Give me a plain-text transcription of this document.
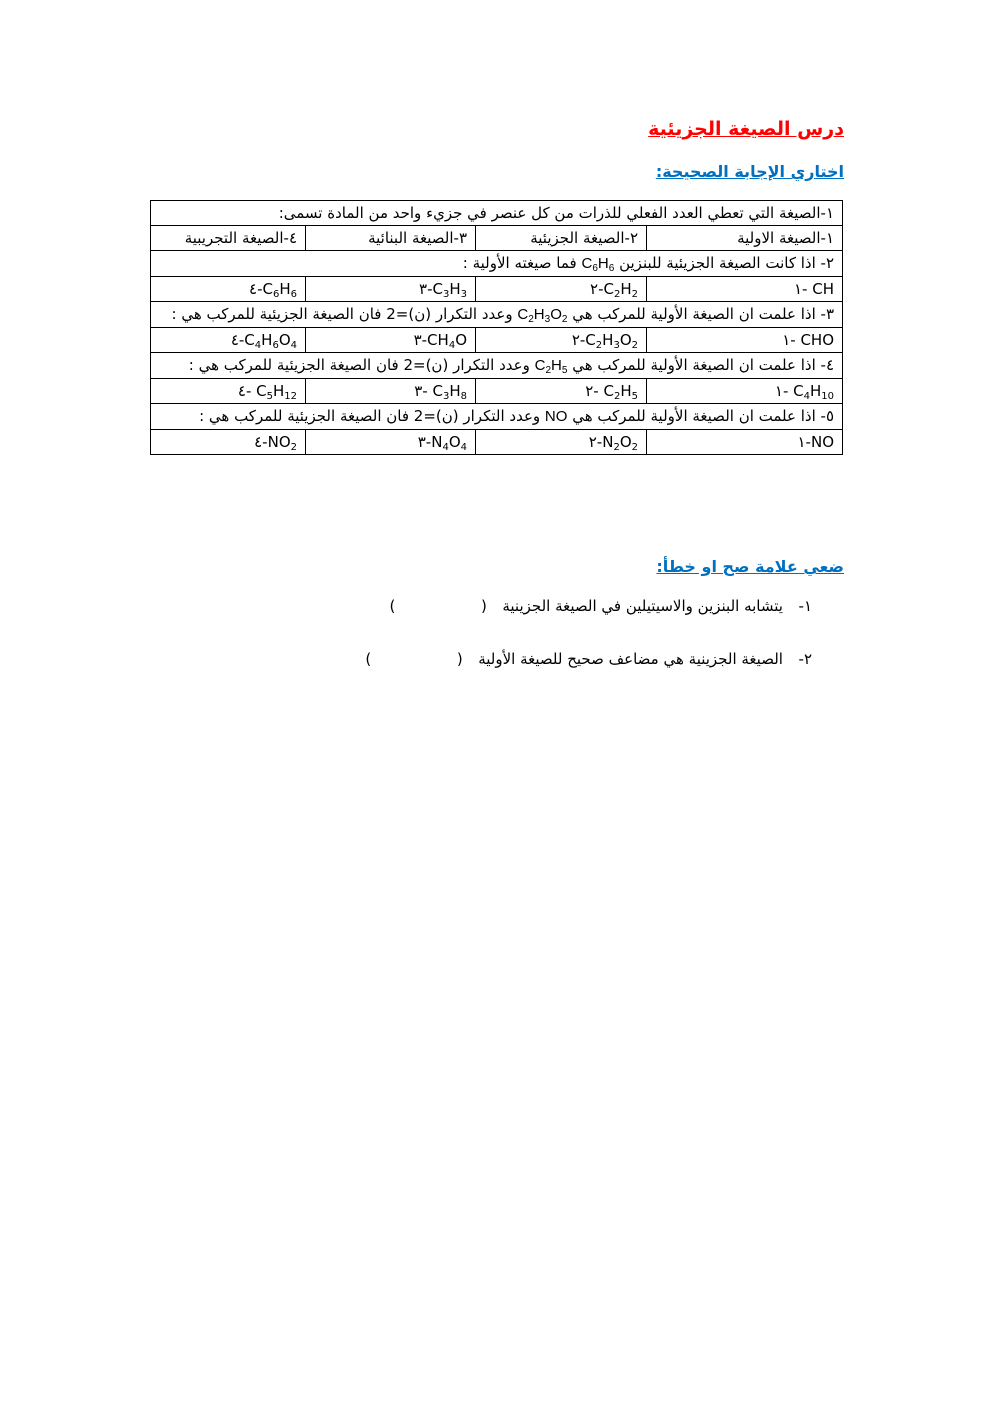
درس الصيغة الجزيئية
اختاري الإجابة الصحيحة:
١-الصيغة التي تعطي العدد الفعلي للذرات من كل عنصر في جزيء واحد من المادة تسمى:			
١-الصيغة الاولية	٢-الصيغة الجزيئية	٣-الصيغة البنائية	٤-الصيغة التجريبية
٢- اذا كانت الصيغة الجزيئية للبنزين $C_6H_6$ فما صيغته الأولية :			
CH -١	$C_2H_2-٢$	$C_3H_3-٣$	$C_6H_6-٤$
٣- اذا علمت ان الصيغة الأولية للمركب هي $C_2H_3O_2$ وعدد التكرار (ن)=2 فان الصيغة الجزيئية للمركب هي :			
CHO -١	$C_2H_3O_2-٢$	$CH_4O-٣$	$C_4H_6O_4-٤$
٤- اذا علمت ان الصيغة الأولية للمركب هي $C_2H_5$ وعدد التكرار (ن)=2 فان الصيغة الجزيئية للمركب هي :			
$C_4H_{10}$ -١	$C_2H_5$ -٢	$C_3H_8$ -٣	$C_5H_{12}$ -٤
٥- اذا علمت ان الصيغة الأولية للمركب هي NO وعدد التكرار (ن)=2 فان الصيغة الجزيئية للمركب هي :			
NO-١	$N_2O_2-٢$	$N_4O_4-٣$	$NO_2-٤$
ضعي علامة صح او خطأ:
١-  يتشابه البنزين والاسيتيلين في الصيغة الجزينية  (  )
٢-  الصيغة الجزينية هي مضاعف صحيح للصيغة الأولية  (  )
